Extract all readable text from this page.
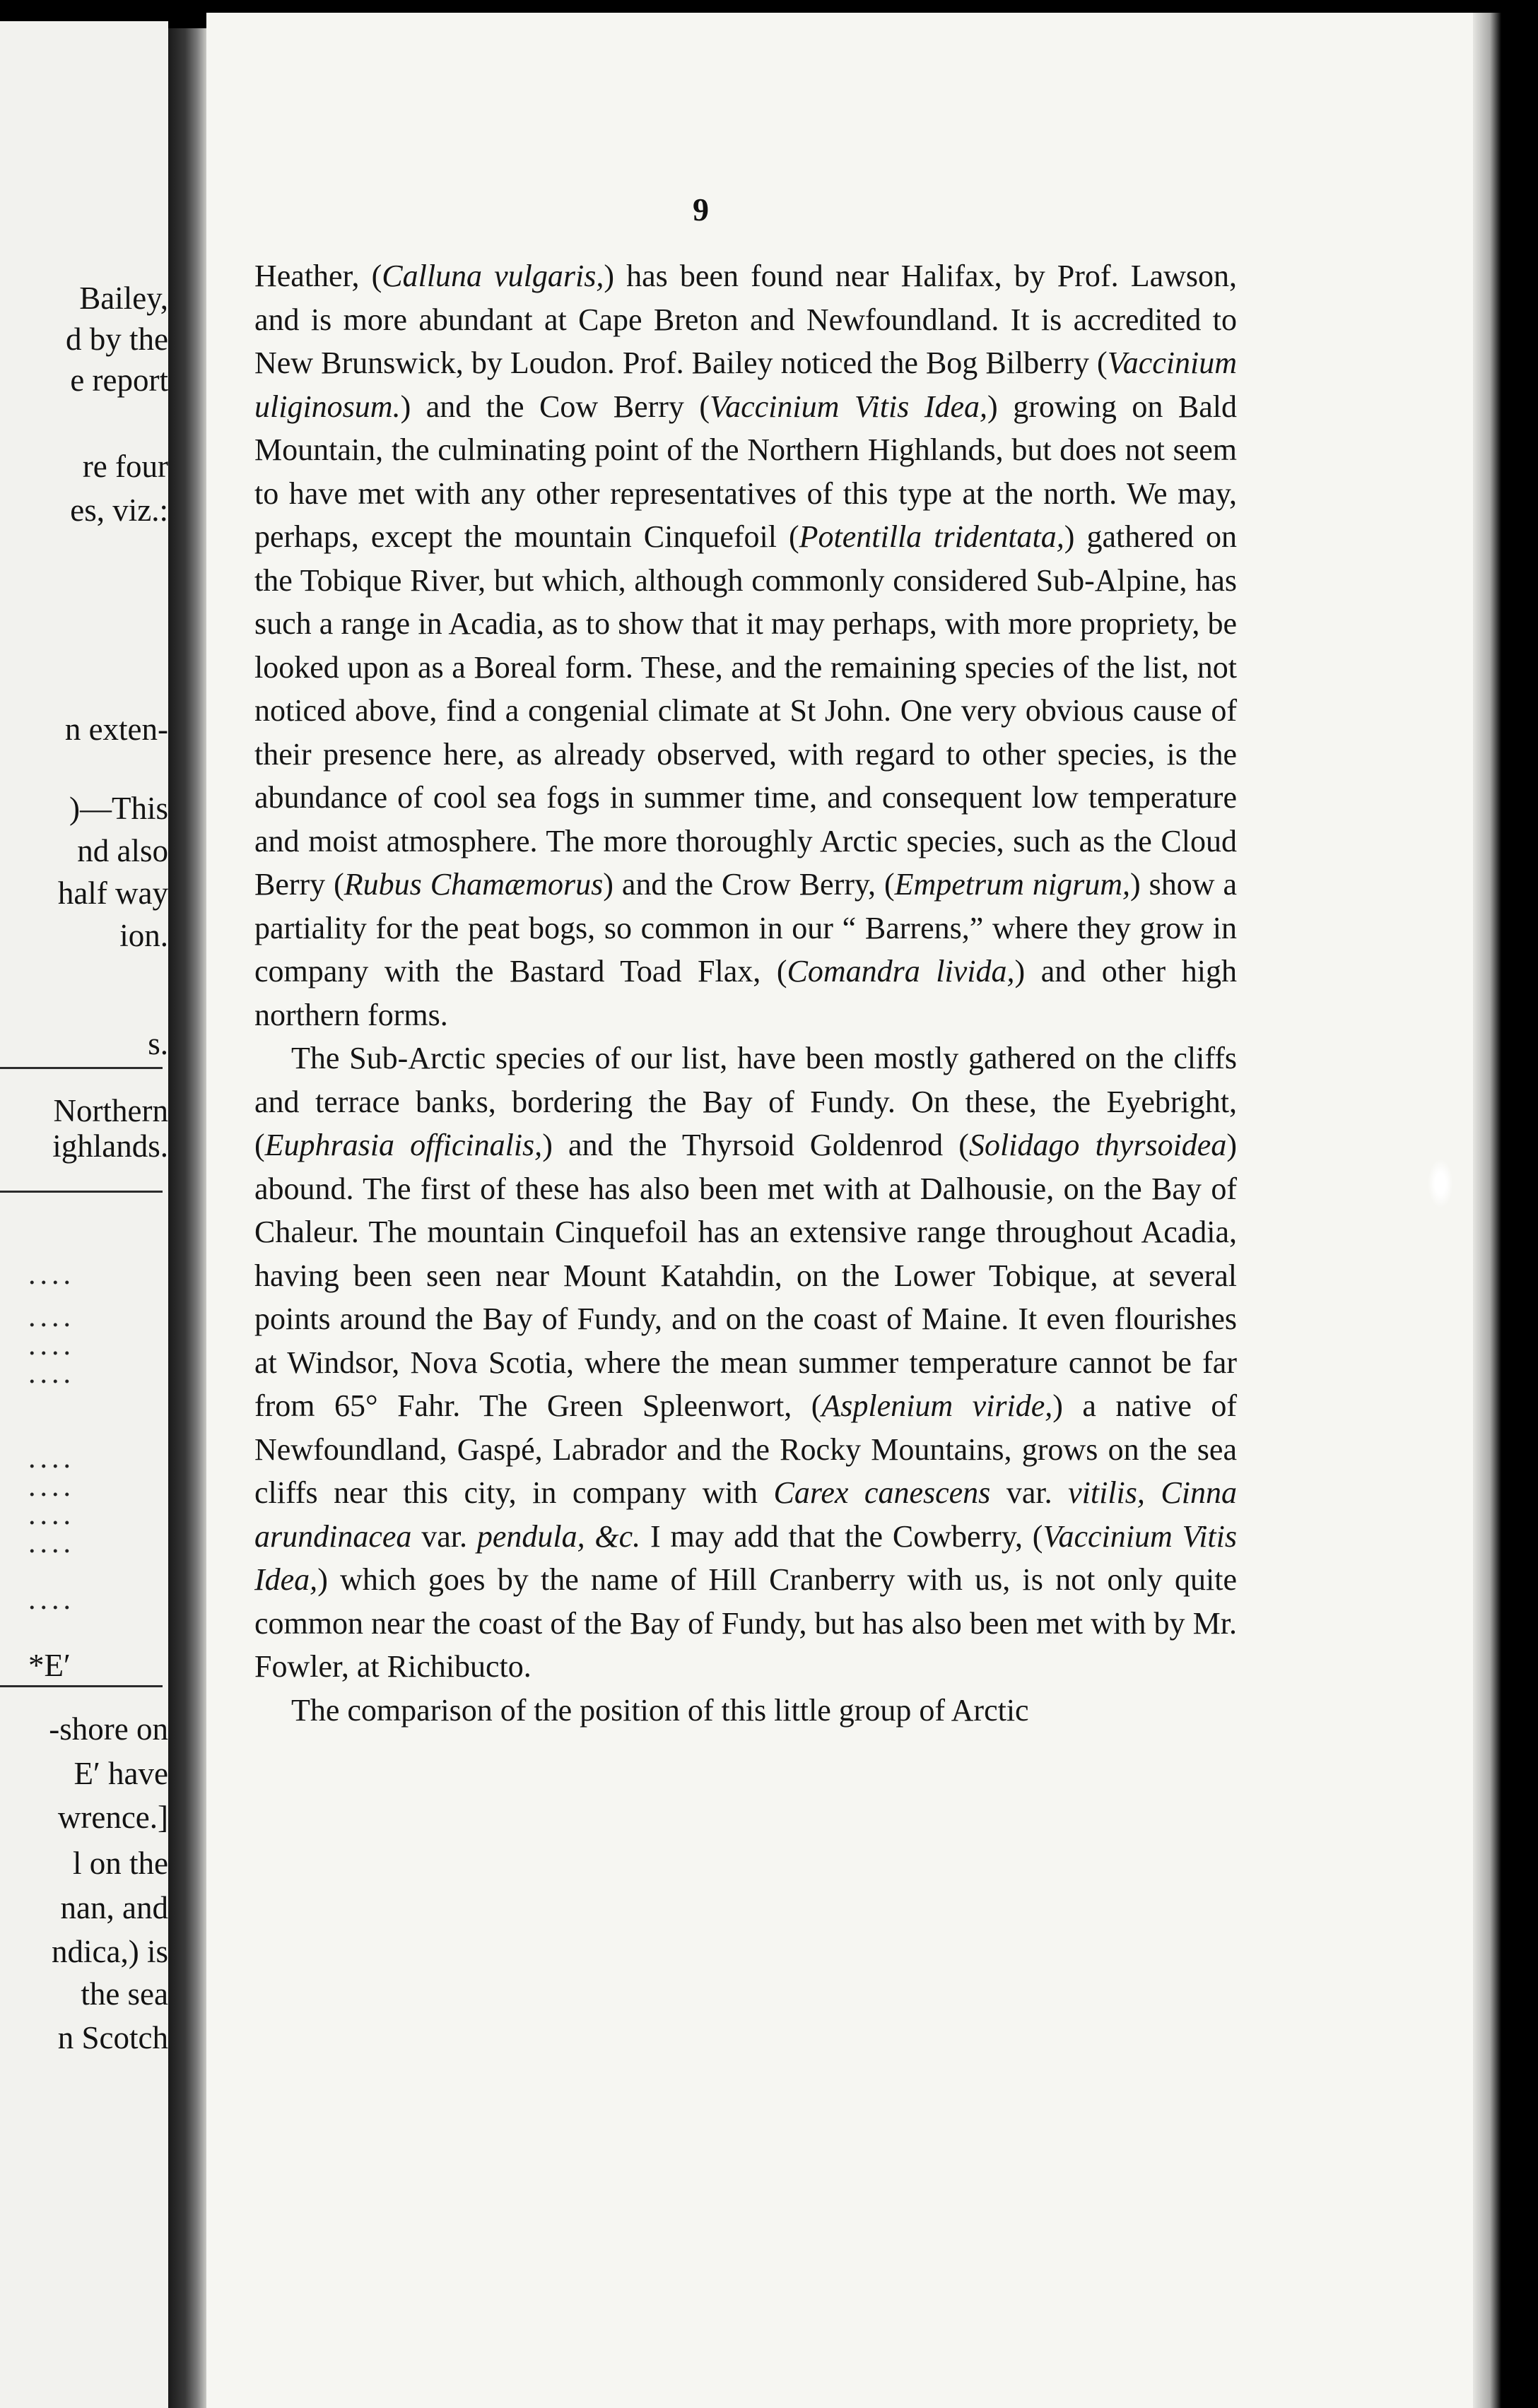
Bailey,
d by the
e report
re four
es, viz.:
n exten-
)—This
nd also
half way
ion.
s.
Northern
ighlands.
*E′
-shore on
E′ have
wrence.]
l on the
nan, and
ndica,) is
the sea
n Scotch
....
....
....
....
....
....
....
....
....
9

Heather, (Calluna vulgaris,) has been found near Halifax, by Prof. Lawson, and is more abundant at Cape Breton and Newfoundland. It is accredited to New Brunswick, by Loudon. Prof. Bailey noticed the Bog Bilberry (Vaccinium uliginosum.) and the Cow Berry (Vaccinium Vitis Idea,) growing on Bald Mountain, the culminating point of the Northern Highlands, but does not seem to have met with any other representatives of this type at the north. We may, perhaps, except the mountain Cinquefoil (Potentilla tridentata,) gathered on the Tobique River, but which, although commonly considered Sub-Alpine, has such a range in Acadia, as to show that it may perhaps, with more propriety, be looked upon as a Boreal form. These, and the remaining species of the list, not noticed above, find a congenial climate at St John. One very obvious cause of their presence here, as already observed, with regard to other species, is the abundance of cool sea fogs in summer time, and consequent low temperature and moist atmosphere. The more thoroughly Arctic species, such as the Cloud Berry (Rubus Chamæmorus) and the Crow Berry, (Empetrum nigrum,) show a partiality for the peat bogs, so common in our “ Barrens,” where they grow in company with the Bastard Toad Flax, (Comandra livida,) and other high northern forms.

The Sub-Arctic species of our list, have been mostly gathered on the cliffs and terrace banks, bordering the Bay of Fundy. On these, the Eyebright, (Euphrasia officinalis,) and the Thyrsoid Goldenrod (Solidago thyrsoidea) abound. The first of these has also been met with at Dalhousie, on the Bay of Chaleur. The mountain Cinquefoil has an extensive range throughout Acadia, having been seen near Mount Katahdin, on the Lower Tobique, at several points around the Bay of Fundy, and on the coast of Maine. It even flourishes at Windsor, Nova Scotia, where the mean summer temperature cannot be far from 65° Fahr. The Green Spleenwort, (Asplenium viride,) a native of Newfoundland, Gaspé, Labrador and the Rocky Mountains, grows on the sea cliffs near this city, in company with Carex canescens var. vitilis, Cinna arundinacea var. pendula, &c. I may add that the Cowberry, (Vaccinium Vitis Idea,) which goes by the name of Hill Cranberry with us, is not only quite common near the coast of the Bay of Fundy, but has also been met with by Mr. Fowler, at Richibucto.

The comparison of the position of this little group of Arctic
